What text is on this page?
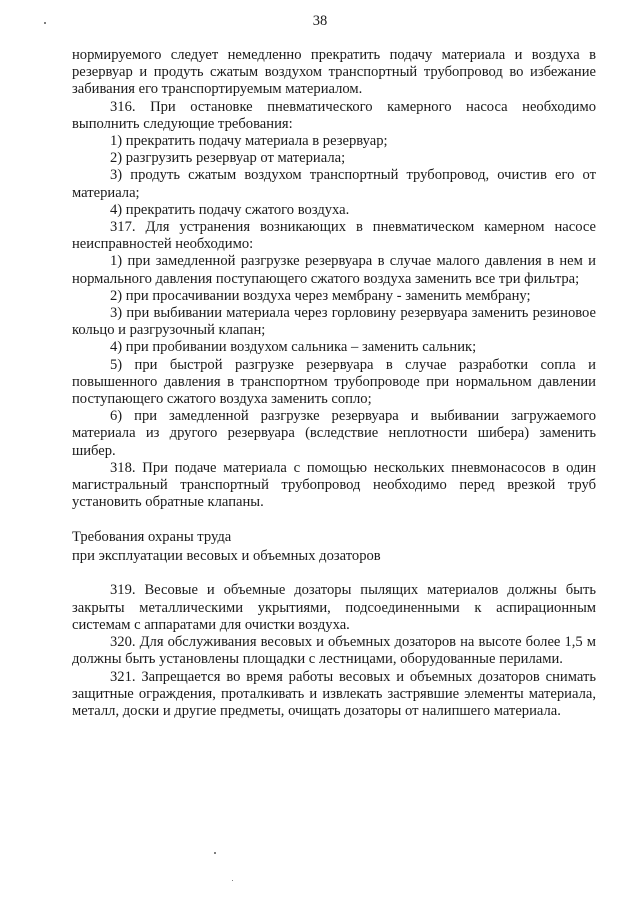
38

нормируемого следует немедленно прекратить подачу материала и воздуха в резервуар и продуть сжатым воздухом транспортный трубопровод во избежание забивания его транспортируемым материалом.

316. При остановке пневматического камерного насоса необходимо выполнить следующие требования:

1) прекратить подачу материала в резервуар;

2) разгрузить резервуар от материала;

3) продуть сжатым воздухом транспортный трубопровод, очистив его от материала;

4) прекратить подачу сжатого воздуха.

317. Для устранения возникающих в пневматическом камерном насосе неисправностей необходимо:

1) при замедленной разгрузке резервуара в случае малого давления в нем и нормального давления поступающего сжатого воздуха заменить все три фильтра;

2) при просачивании воздуха через мембрану - заменить мембрану;

3) при выбивании материала через горловину резервуара заменить резиновое кольцо и разгрузочный клапан;

4) при пробивании воздухом сальника – заменить сальник;

5) при быстрой разгрузке резервуара в случае разработки сопла и повышенного давления в транспортном трубопроводе при нормальном давлении поступающего сжатого воздуха заменить сопло;

6) при замедленной разгрузке резервуара и выбивании загружаемого материала из другого резервуара (вследствие неплотности шибера) заменить шибер.

318. При подаче материала с помощью нескольких пневмонасосов в один магистральный транспортный трубопровод необходимо перед врезкой труб установить обратные клапаны.

Требования охраны труда

при эксплуатации весовых и объемных дозаторов

319. Весовые и объемные дозаторы пылящих материалов должны быть закрыты металлическими укрытиями, подсоединенными к аспирационным системам с аппаратами для очистки воздуха.

320. Для обслуживания весовых и объемных дозаторов на высоте более 1,5 м должны быть установлены площадки с лестницами, оборудованные перилами.

321. Запрещается во время работы весовых и объемных дозаторов снимать защитные ограждения, проталкивать и извлекать застрявшие элементы материала, металл, доски и другие предметы, очищать дозаторы от налипшего материала.
